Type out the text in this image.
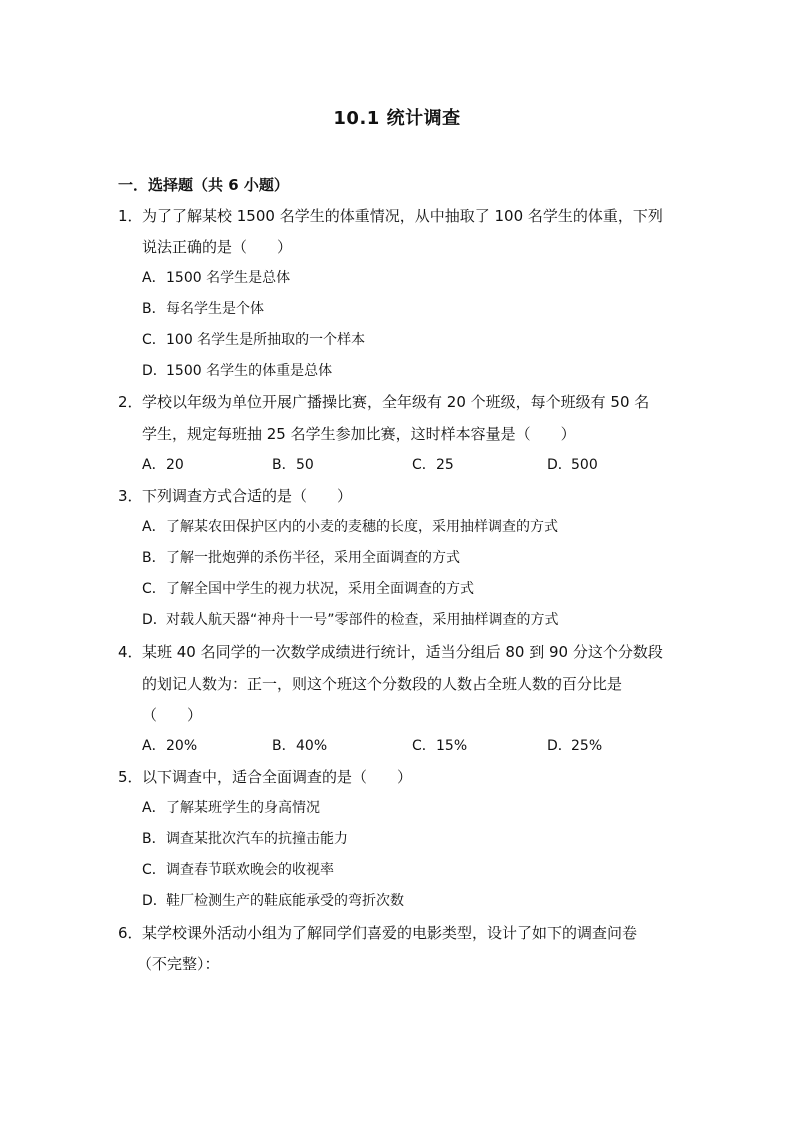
10.1 统计调查
一．选择题（共 6 小题）
1． 为了了解某校 1500 名学生的体重情况，从中抽取了 100 名学生的体重，下列
说法正确的是（　　）
A．1500 名学生是总体
B．每名学生是个体
C．100 名学生是所抽取的一个样本
D．1500 名学生的体重是总体
2． 学校以年级为单位开展广播操比赛，全年级有 20 个班级，每个班级有 50 名
学生，规定每班抽 25 名学生参加比赛，这时样本容量是（　　）
A．20	B．50	C．25	D．500
3． 下列调查方式合适的是（　　）
A．了解某农田保护区内的小麦的麦穗的长度，采用抽样调查的方式
B．了解一批炮弹的杀伤半径，采用全面调查的方式
C．了解全国中学生的视力状况，采用全面调查的方式
D．对载人航天器“神舟十一号”零部件的检查，采用抽样调查的方式
4． 某班 40 名同学的一次数学成绩进行统计，适当分组后 80 到 90 分这个分数段
的划记人数为：正一，则这个班这个分数段的人数占全班人数的百分比是
（　　）
A．20%	B．40%	C．15%	D．25%
5． 以下调查中，适合全面调查的是（　　）
A．了解某班学生的身高情况
B．调查某批次汽车的抗撞击能力
C．调查春节联欢晚会的收视率
D．鞋厂检测生产的鞋底能承受的弯折次数
6． 某学校课外活动小组为了解同学们喜爱的电影类型，设计了如下的调查问卷
（不完整）：
